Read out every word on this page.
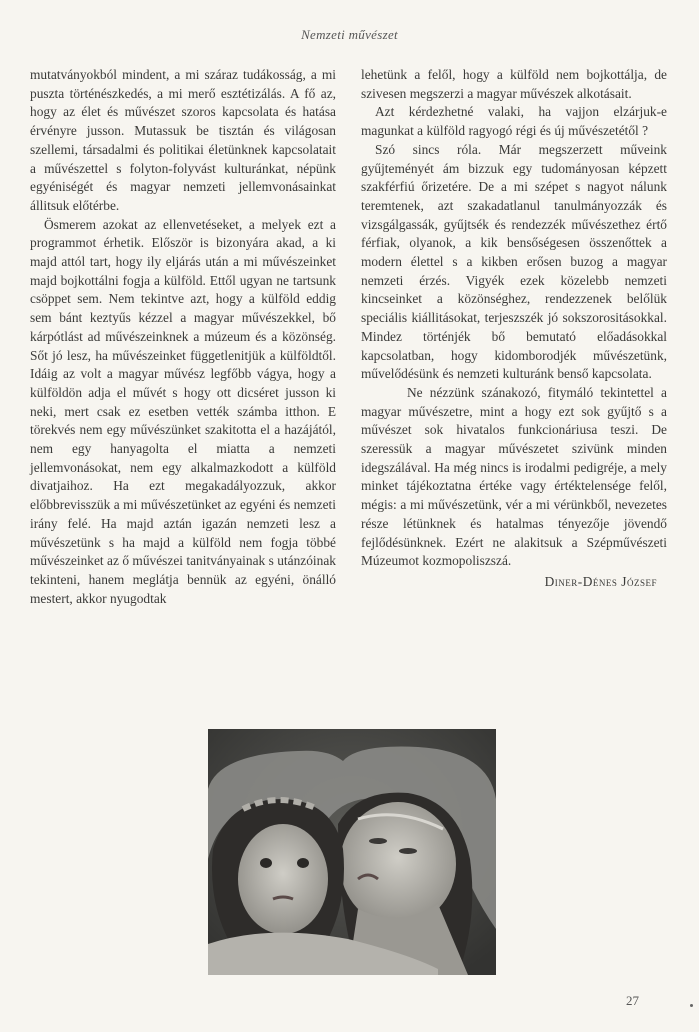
Nemzeti művészet

mutatványokból mindent, a mi száraz tudákosság, a mi puszta történészkedés, a mi merő esztétizálás. A fő az, hogy az élet és művészet szoros kapcsolata és hatása érvényre jusson. Mutassuk be tisztán és világosan szellemi, társadalmi és politikai életünknek kapcsolatait a művészettel s folyton-folyvást kulturánkat, népünk egyéniségét és magyar nemzeti jellemvonásainkat állitsuk előtérbe.

Ösmerem azokat az ellenvetéseket, a melyek ezt a programmot érhetik. Először is bizonyára akad, a ki majd attól tart, hogy ily eljárás után a mi művészeinket majd bojkottálni fogja a külföld. Ettől ugyan ne tartsunk csöppet sem. Nem tekintve azt, hogy a külföld eddig sem bánt keztyűs kézzel a magyar művészekkel, bő kárpótlást ad művészeinknek a múzeum és a közönség. Sőt jó lesz, ha művészeinket függetlenitjük a külföldtől. Idáig az volt a magyar művész legfőbb vágya, hogy a külföldön adja el művét s hogy ott dicséret jusson ki neki, mert csak ez esetben vették számba itthon. E törekvés nem egy művészünket szakitotta el a hazájától, nem egy hanyagolta el miatta a nemzeti jellemvonásokat, nem egy alkalmazkodott a külföld divatjaihoz. Ha ezt megakadályozzuk, akkor előbbrevisszük a mi művészetünket az egyéni és nemzeti irány felé. Ha majd aztán igazán nemzeti lesz a művészetünk s ha majd a külföld nem fogja többé művészeinket az ő művészei tanitványainak s utánzóinak tekinteni, hanem meglátja bennük az egyéni, önálló mestert, akkor nyugodtak

lehetünk a felől, hogy a külföld nem bojkottálja, de szivesen megszerzi a magyar művészek alkotásait.

Azt kérdezhetné valaki, ha vajjon elzárjuk-e magunkat a külföld ragyogó régi és új művészetétől ?

Szó sincs róla. Már megszerzett műveink gyűjteményét ám bizzuk egy tudományosan képzett szakférfiú őrizetére. De a mi szépet s nagyot nálunk teremtenek, azt szakadatlanul tanulmányozzák és vizsgálgassák, gyűjtsék és rendezzék művészethez értő férfiak, olyanok, a kik bensőségesen összenőttek a modern élettel s a kikben erősen buzog a magyar nemzeti érzés. Vigyék ezek közelebb nemzeti kincseinket a közönséghez, rendezzenek belőlük speciális kiállitásokat, terjeszszék jó sokszorositásokkal. Mindez történjék bő bemutató előadásokkal kapcsolatban, hogy kidomborodjék művészetünk, művelődésünk és nemzeti kulturánk benső kapcsolata.

Ne nézzünk szánakozó, fitymáló tekintettel a magyar művészetre, mint a hogy ezt sok gyűjtő s a művészet sok hivatalos funkcionáriusa teszi. De szeressük a magyar művészetet szivünk minden idegszálával. Ha még nincs is irodalmi pedigréje, a mely minket tájékoztatna értéke vagy értéktelensége felől, mégis: a mi művészetünk, vér a mi vérünkből, nevezetes része létünknek és hatalmas tényezője jövendő fejlődésünknek. Ezért ne alakitsuk a Szépművészeti Múzeumot kozmopoliszszá.

Diner-Dénes József
27
